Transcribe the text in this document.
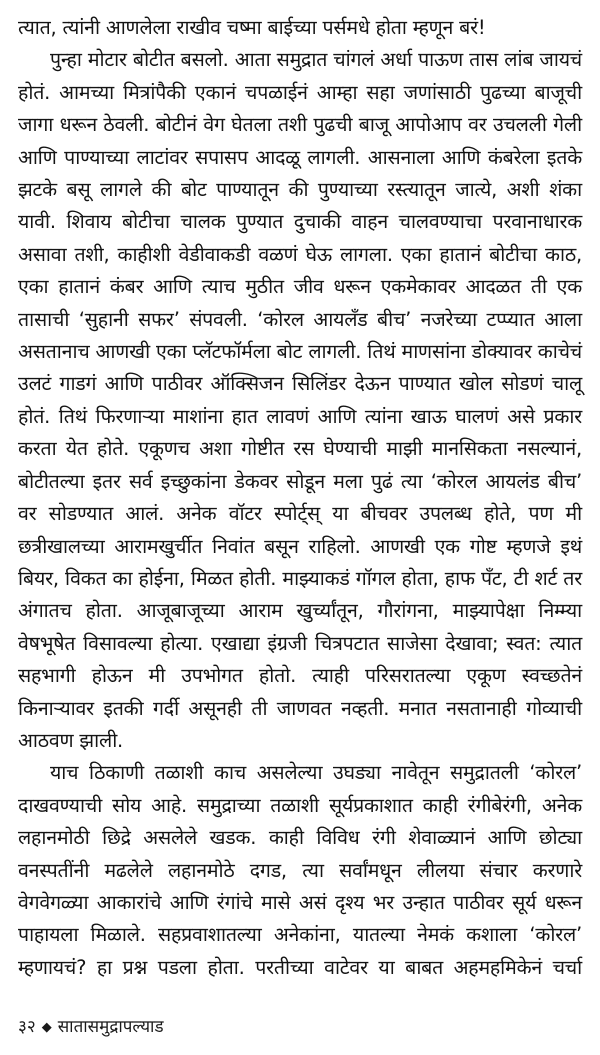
त्यात, त्यांनी आणलेला राखीव चष्मा बाईच्या पर्समधे होता म्हणून बरं!

पुन्हा मोटार बोटीत बसलो. आता समुद्रात चांगलं अर्धा पाऊण तास लांब जायचं होतं. आमच्या मित्रांपैकी एकानं चपळाईनं आम्हा सहा जणांसाठी पुढच्या बाजूची जागा धरून ठेवली. बोटीनं वेग घेतला तशी पुढची बाजू आपोआप वर उचलली गेली आणि पाण्याच्या लाटांवर सपासप आदळू लागली. आसनाला आणि कंबरेला इतके झटके बसू लागले की बोट पाण्यातून की पुण्याच्या रस्त्यातून जात्ये, अशी शंका यावी. शिवाय बोटीचा चालक पुण्यात दुचाकी वाहन चालवण्याचा परवानाधारक असावा तशी, काहीशी वेडीवाकडी वळणं घेऊ लागला. एका हातानं बोटीचा काठ, एका हातानं कंबर आणि त्याच मुठीत जीव धरून एकमेकावर आदळत ती एक तासाची ‘सुहानी सफर’ संपवली. ‘कोरल आयलँड बीच’ नजरेच्या टप्प्यात आला असतानाच आणखी एका प्लॅटफॉर्मला बोट लागली. तिथं माणसांना डोक्यावर काचेचं उलटं गाडगं आणि पाठीवर ऑक्सिजन सिलिंडर देऊन पाण्यात खोल सोडणं चालू होतं. तिथं फिरणाऱ्या माशांना हात लावणं आणि त्यांना खाऊ घालणं असे प्रकार करता येत होते. एकूणच अशा गोष्टीत रस घेण्याची माझी मानसिकता नसल्यानं, बोटीतल्या इतर सर्व इच्छुकांना डेकवर सोडून मला पुढं त्या ‘कोरल आयलंड बीच’ वर सोडण्यात आलं. अनेक वॉटर स्पोर्ट्स्‌ या बीचवर उपलब्ध होते, पण मी छत्रीखालच्या आरामखुर्चीत निवांत बसून राहिलो. आणखी एक गोष्ट म्हणजे इथं बियर, विकत का होईना, मिळत होती. माझ्याकडं गॉगल होता, हाफ पँट, टी शर्ट तर अंगातच होता. आजूबाजूच्या आराम खुर्च्यांतून, गौरांगना, माझ्यापेक्षा निम्म्या वेषभूषेत विसावल्या होत्या. एखाद्या इंग्रजी चित्रपटात साजेसा देखावा; स्वत: त्यात सहभागी होऊन मी उपभोगत होतो. त्याही परिसरातल्या एकूण स्वच्छतेनं किनाऱ्यावर इतकी गर्दी असूनही ती जाणवत नव्हती. मनात नसतानाही गोव्याची आठवण झाली.

याच ठिकाणी तळाशी काच असलेल्या उघड्या नावेतून समुद्रातली ‘कोरल’ दाखवण्याची सोय आहे. समुद्राच्या तळाशी सूर्यप्रकाशात काही रंगीबेरंगी, अनेक लहानमोठी छिद्रे असलेले खडक. काही विविध रंगी शेवाळ्यानं आणि छोट्या वनस्पतींनी मढलेले लहानमोठे दगड, त्या सर्वांमधून लीलया संचार करणारे वेगवेगळ्या आकारांचे आणि रंगांचे मासे असं दृश्य भर उन्हात पाठीवर सूर्य धरून पाहायला मिळाले. सहप्रवाशातल्या अनेकांना, यातल्या नेमकं कशाला ‘कोरल’ म्हणायचं? हा प्रश्न पडला होता. परतीच्या वाटेवर या बाबत अहमहमिकेनं चर्चा

३२ ◆ सातासमुद्रापल्याड
